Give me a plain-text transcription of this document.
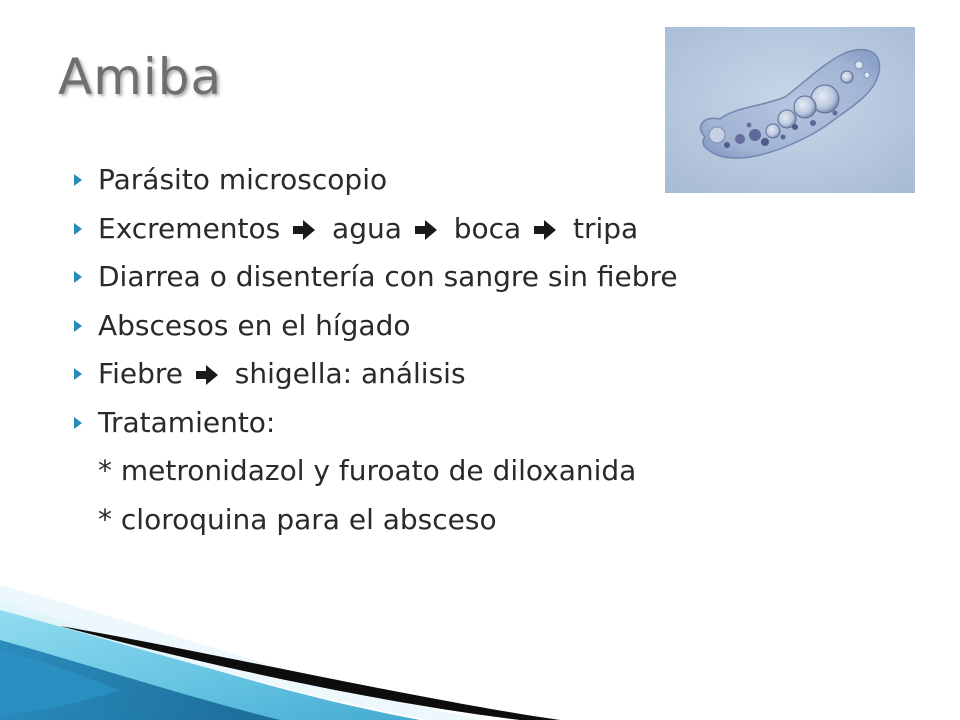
Amiba
Parásito microscopio
Excrementos agua boca tripa
Diarrea o disentería con sangre sin fiebre
Abscesos en el hígado
Fiebre shigella: análisis
Tratamiento:
* metronidazol y furoato de diloxanida
* cloroquina para el absceso
